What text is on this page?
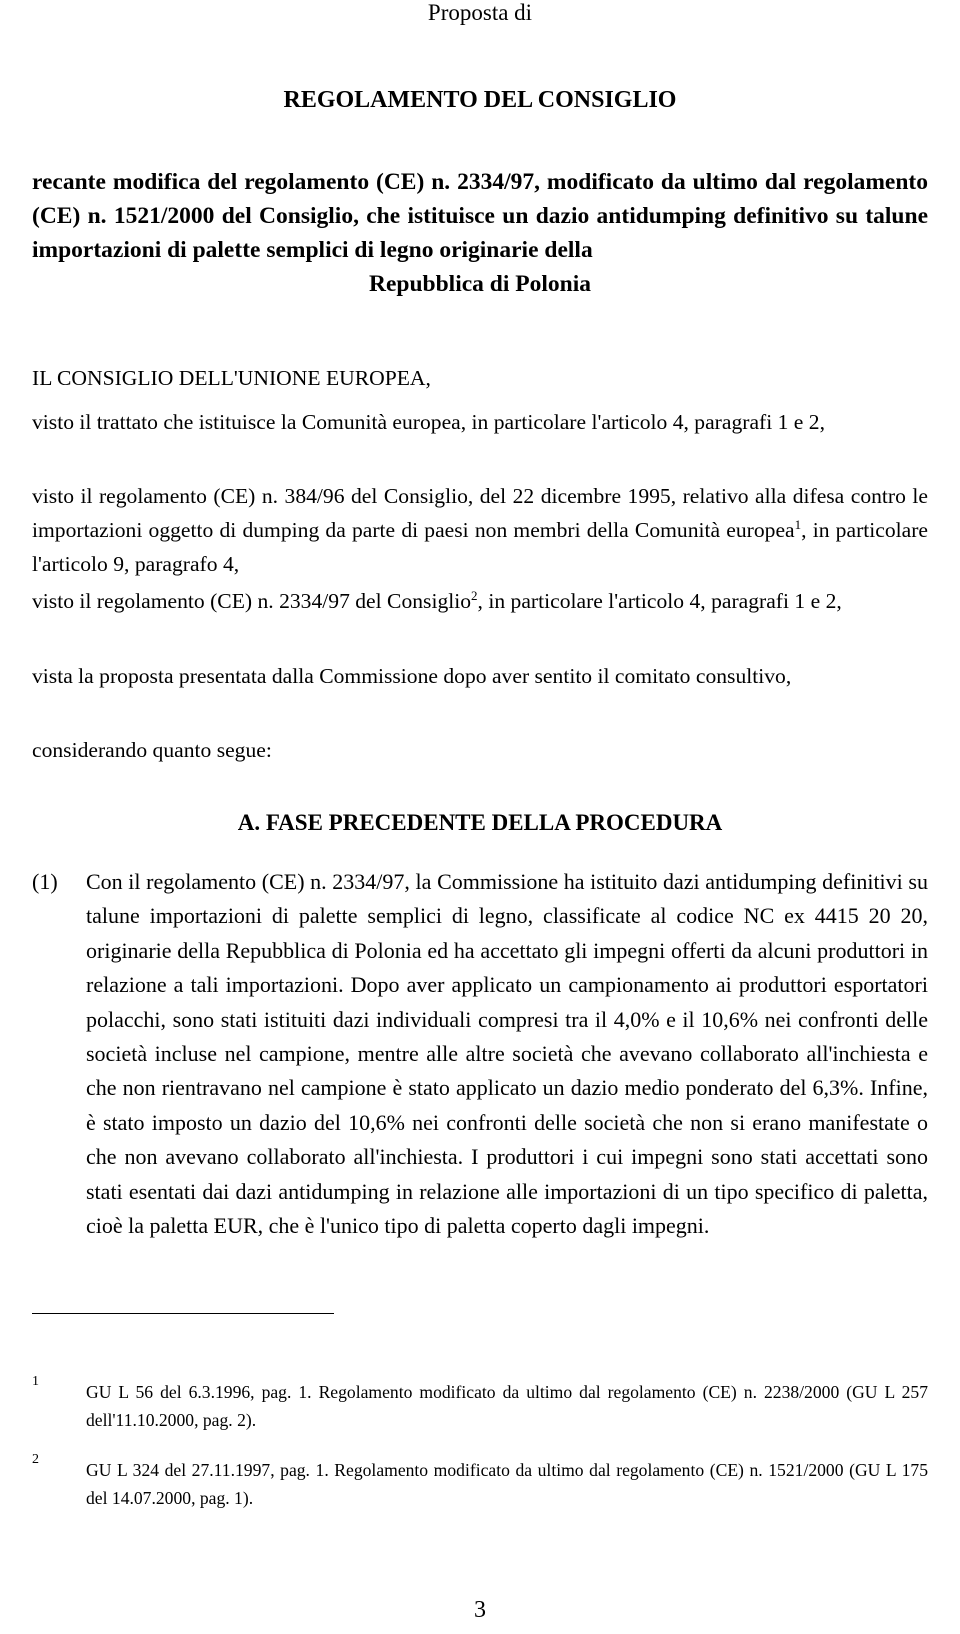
Proposta di
REGOLAMENTO DEL CONSIGLIO
recante modifica del regolamento (CE) n. 2334/97, modificato da ultimo dal regolamento (CE) n. 1521/2000 del Consiglio, che istituisce un dazio antidumping definitivo su talune importazioni di palette semplici di legno originarie della
Repubblica di Polonia
IL CONSIGLIO DELL'UNIONE EUROPEA,
visto il trattato che istituisce la Comunità europea, in particolare l'articolo 4, paragrafi 1 e 2,
visto il regolamento (CE) n. 384/96 del Consiglio, del 22 dicembre 1995, relativo alla difesa contro le importazioni oggetto di dumping da parte di paesi non membri della Comunità europea$^1$, in particolare l'articolo 9, paragrafo 4,
visto il regolamento (CE) n. 2334/97 del Consiglio$^2$, in particolare l'articolo 4, paragrafi 1 e 2,
vista la proposta presentata dalla Commissione dopo aver sentito il comitato consultivo,
considerando quanto segue:
A. FASE PRECEDENTE DELLA PROCEDURA
(1)	Con il regolamento (CE) n. 2334/97, la Commissione ha istituito dazi antidumping definitivi su talune importazioni di palette semplici di legno, classificate al codice NC ex 4415 20 20, originarie della Repubblica di Polonia ed ha accettato gli impegni offerti da alcuni produttori in relazione a tali importazioni. Dopo aver applicato un campionamento ai produttori esportatori polacchi, sono stati istituiti dazi individuali compresi tra il 4,0% e il 10,6% nei confronti delle società incluse nel campione, mentre alle altre società che avevano collaborato all'inchiesta e che non rientravano nel campione è stato applicato un dazio medio ponderato del 6,3%. Infine, è stato imposto un dazio del 10,6% nei confronti delle società che non si erano manifestate o che non avevano collaborato all'inchiesta. I produttori i cui impegni sono stati accettati sono stati esentati dai dazi antidumping in relazione alle importazioni di un tipo specifico di paletta, cioè la paletta EUR, che è l'unico tipo di paletta coperto dagli impegni.
1
GU L 56 del 6.3.1996, pag. 1. Regolamento modificato da ultimo dal regolamento (CE) n. 2238/2000 (GU L 257 dell'11.10.2000, pag. 2).
2
GU L 324 del 27.11.1997, pag. 1. Regolamento modificato da ultimo dal regolamento (CE) n. 1521/2000 (GU L 175 del 14.07.2000, pag. 1).
3
